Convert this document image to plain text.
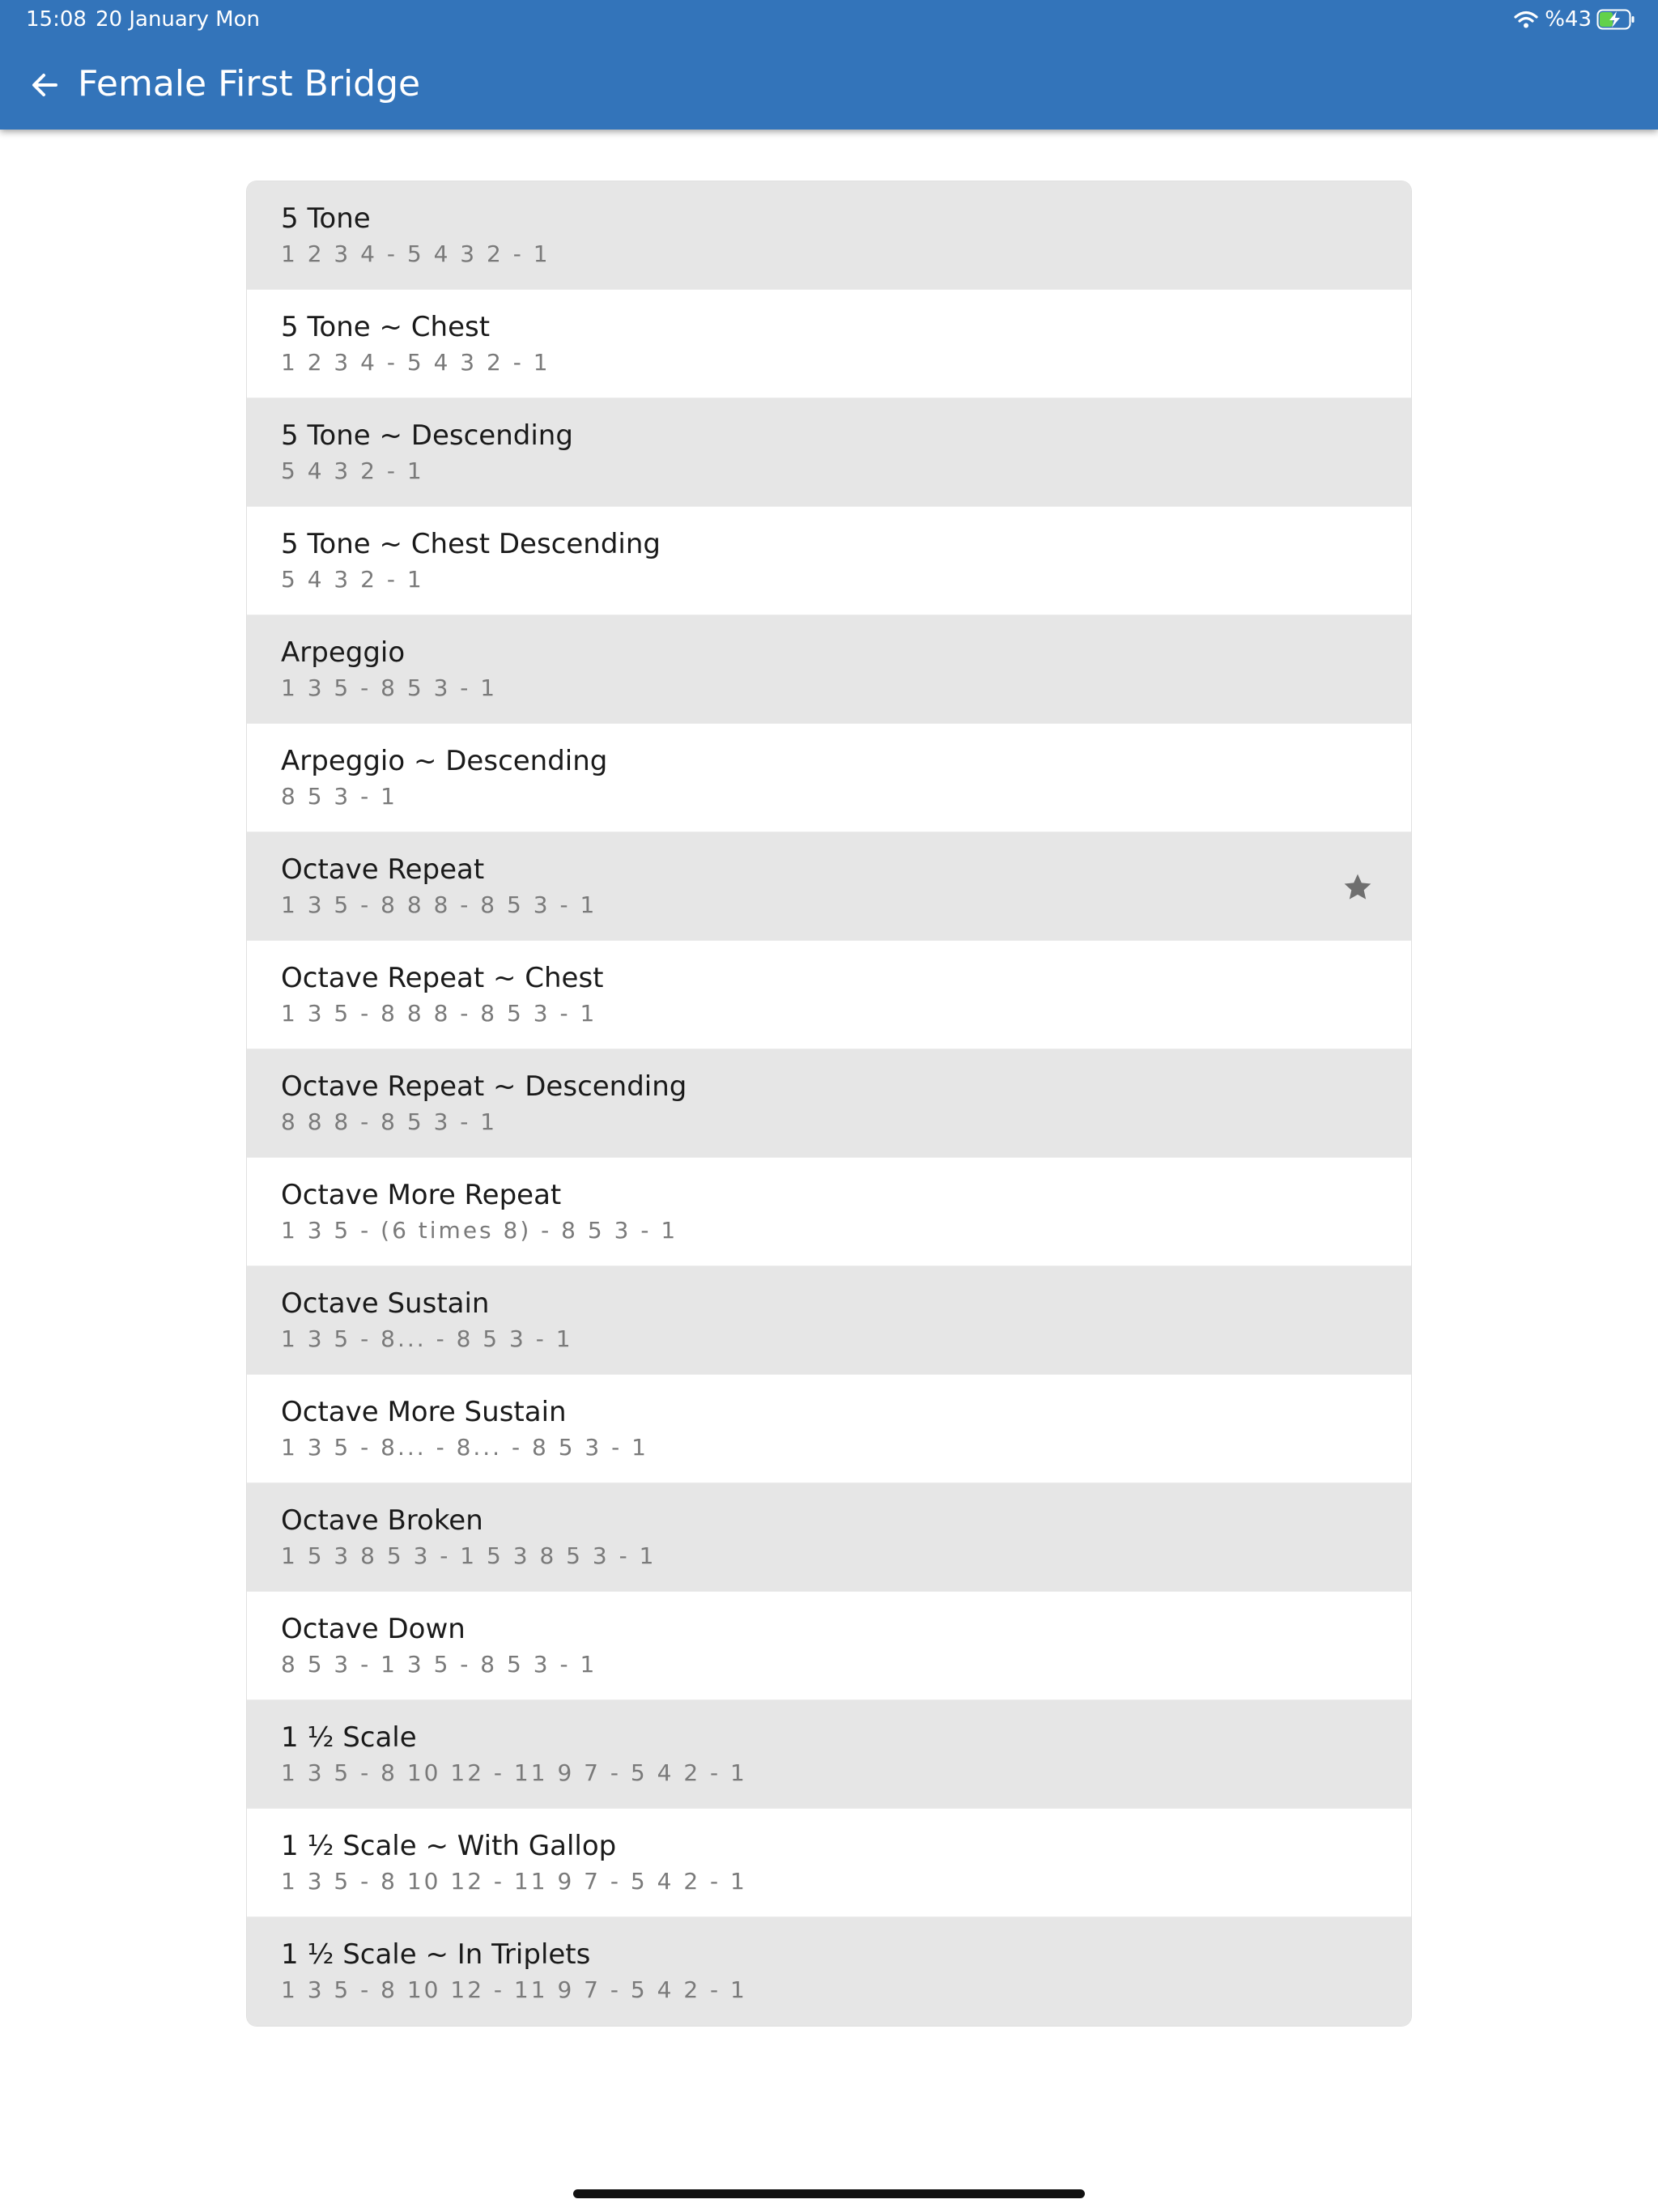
15:08 20 January Mon	%43
Female First Bridge
5 Tone
1 2 3 4 - 5 4 3 2 - 1
5 Tone ~ Chest
1 2 3 4 - 5 4 3 2 - 1
5 Tone ~ Descending
5 4 3 2 - 1
5 Tone ~ Chest Descending
5 4 3 2 - 1
Arpeggio
1 3 5 - 8 5 3 - 1
Arpeggio ~ Descending
8 5 3 - 1
Octave Repeat
1 3 5 - 8 8 8 - 8 5 3 - 1
Octave Repeat ~ Chest
1 3 5 - 8 8 8 - 8 5 3 - 1
Octave Repeat ~ Descending
8 8 8 - 8 5 3 - 1
Octave More Repeat
1 3 5 - (6 times 8) - 8 5 3 - 1
Octave Sustain
1 3 5 - 8... - 8 5 3 - 1
Octave More Sustain
1 3 5 - 8... - 8... - 8 5 3 - 1
Octave Broken
1 5 3 8 5 3 - 1 5 3 8 5 3 - 1
Octave Down
8 5 3 - 1 3 5 - 8 5 3 - 1
1 ½ Scale
1 3 5 - 8 10 12 - 11 9 7 - 5 4 2 - 1
1 ½ Scale ~ With Gallop
1 3 5 - 8 10 12 - 11 9 7 - 5 4 2 - 1
1 ½ Scale ~ In Triplets
1 3 5 - 8 10 12 - 11 9 7 - 5 4 2 - 1
